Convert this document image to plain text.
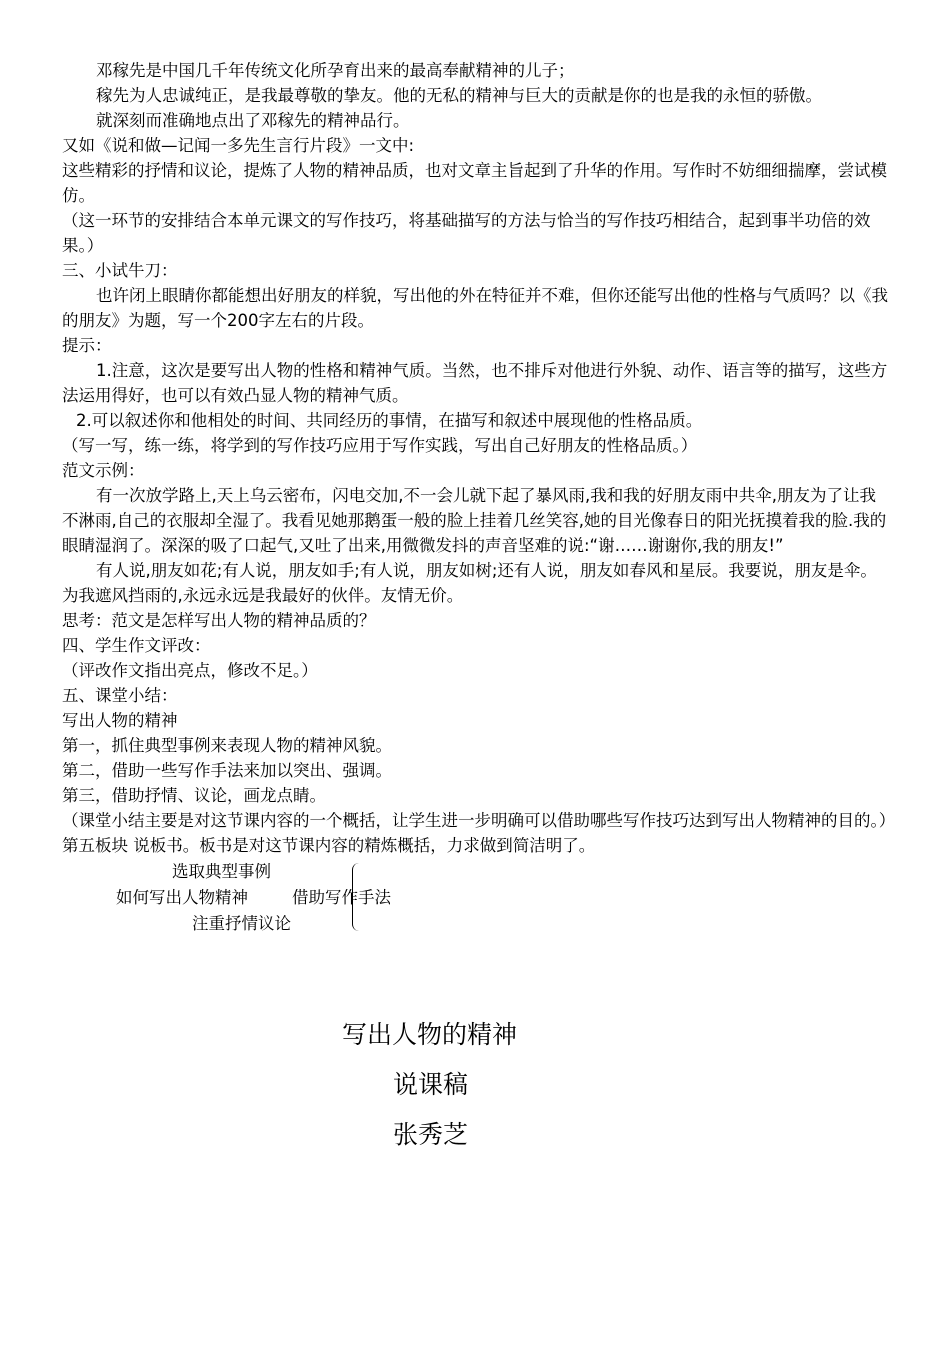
邓稼先是中国几千年传统文化所孕育出来的最高奉献精神的儿子；

稼先为人忠诚纯正，是我最尊敬的挚友。他的无私的精神与巨大的贡献是你的也是我的永恒的骄傲。

就深刻而准确地点出了邓稼先的精神品行。

又如《说和做—记闻一多先生言行片段》一文中:

这些精彩的抒情和议论，提炼了人物的精神品质，也对文章主旨起到了升华的作用。写作时不妨细细揣摩，尝试模仿。

（这一环节的安排结合本单元课文的写作技巧，将基础描写的方法与恰当的写作技巧相结合，起到事半功倍的效果。）

三、小试牛刀：

也许闭上眼睛你都能想出好朋友的样貌，写出他的外在特征并不难，但你还能写出他的性格与气质吗？以《我的朋友》为题，写一个200字左右的片段。

提示：

1.注意，这次是要写出人物的性格和精神气质。当然，也不排斥对他进行外貌、动作、语言等的描写，这些方法运用得好，也可以有效凸显人物的精神气质。

2.可以叙述你和他相处的时间、共同经历的事情，在描写和叙述中展现他的性格品质。

（写一写，练一练，将学到的写作技巧应用于写作实践，写出自己好朋友的性格品质。）

范文示例：

有一次放学路上,天上乌云密布，闪电交加,不一会儿就下起了暴风雨,我和我的好朋友雨中共伞,朋友为了让我不淋雨,自己的衣服却全湿了。我看见她那鹅蛋一般的脸上挂着几丝笑容,她的目光像春日的阳光抚摸着我的脸.我的眼睛湿润了。深深的吸了口起气,又吐了出来,用微微发抖的声音坚难的说:“谢……谢谢你,我的朋友!”

有人说,朋友如花;有人说，朋友如手;有人说，朋友如树;还有人说，朋友如春风和星辰。我要说，朋友是伞。为我遮风挡雨的,永远永远是我最好的伙伴。友情无价。

思考：范文是怎样写出人物的精神品质的？

四、学生作文评改：

（评改作文指出亮点，修改不足。）

五、课堂小结：

写出人物的精神

第一，抓住典型事例来表现人物的精神风貌。

第二，借助一些写作手法来加以突出、强调。

第三，借助抒情、议论，画龙点睛。

（课堂小结主要是对这节课内容的一个概括，让学生进一步明确可以借助哪些写作技巧达到写出人物精神的目的。）

第五板块 说板书。板书是对这节课内容的精炼概括，力求做到简洁明了。

选取典型事例
如何写出人物精神	借助写作手法
注重抒情议论
写出人物的精神
说课稿
张秀芝
